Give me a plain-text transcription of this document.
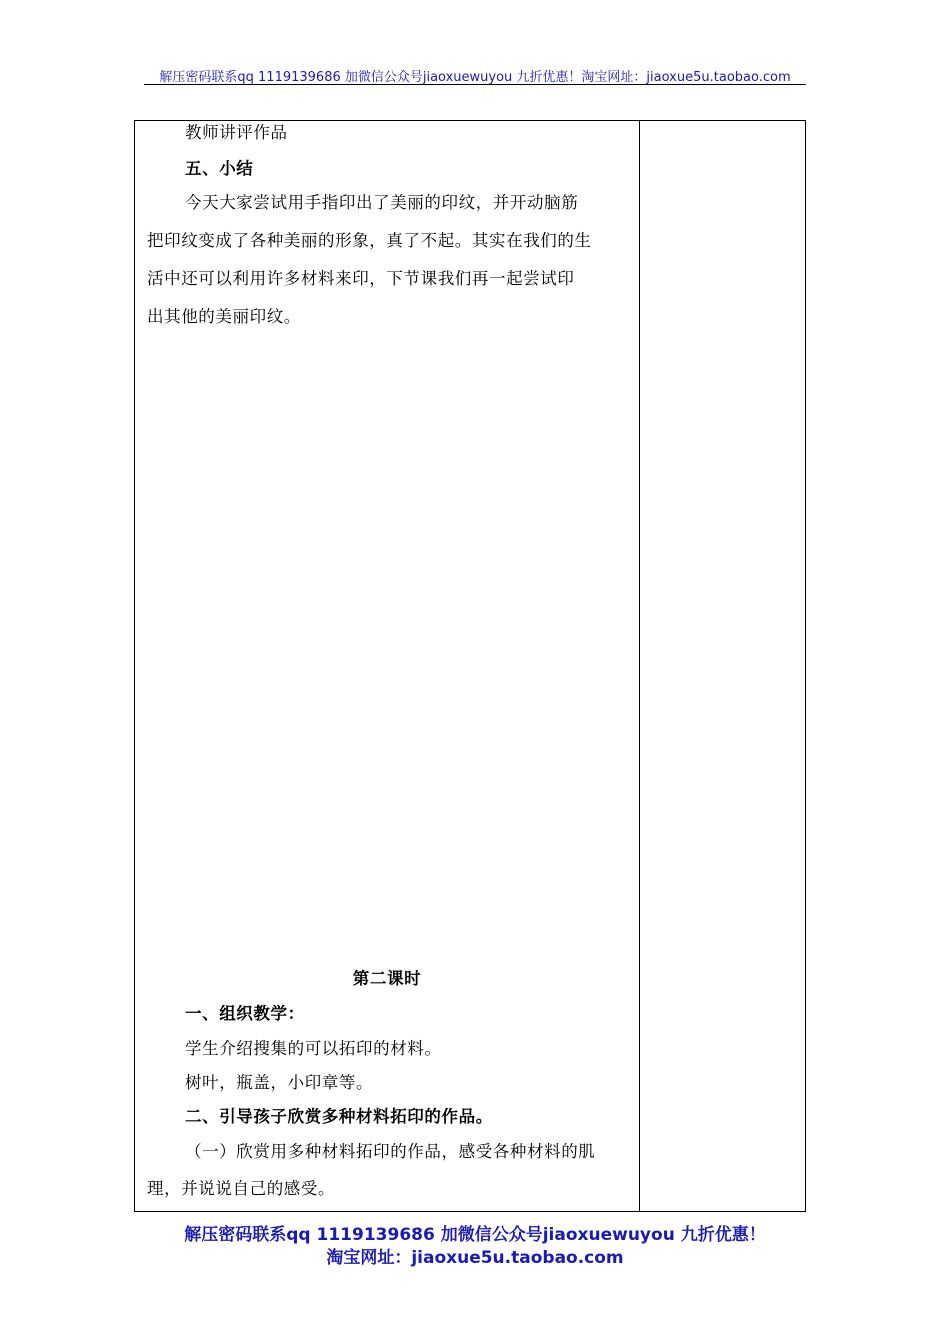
解压密码联系qq 1119139686 加微信公众号jiaoxuewuyou 九折优惠！淘宝网址：jiaoxue5u.taobao.com
教师讲评作品
五、小结
今天大家尝试用手指印出了美丽的印纹，并开动脑筋
把印纹变成了各种美丽的形象，真了不起。其实在我们的生
活中还可以利用许多材料来印，下节课我们再一起尝试印
出其他的美丽印纹。
第二课时
一、组织教学：
学生介绍搜集的可以拓印的材料。
树叶，瓶盖，小印章等。
二、引导孩子欣赏多种材料拓印的作品。
（一）欣赏用多种材料拓印的作品，感受各种材料的肌
理，并说说自己的感受。
解压密码联系qq 1119139686 加微信公众号jiaoxuewuyou 九折优惠！
淘宝网址：jiaoxue5u.taobao.com
